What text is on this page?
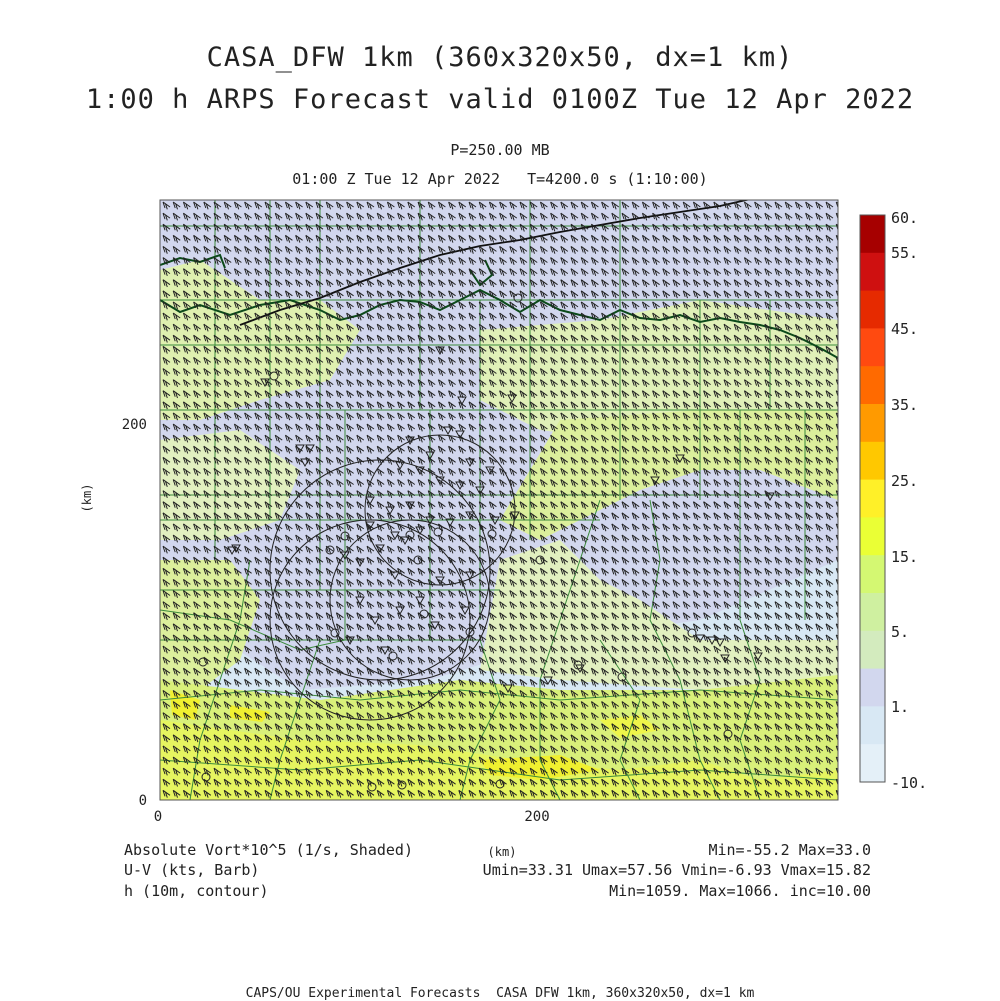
0	200
(km)
0
200
(km)
60.
55.
45.
35.
25.
15.
5.
1.
-10.
CASA_DFW 1km (360x320x50, dx=1 km)
1:00 h ARPS Forecast valid 0100Z Tue 12 Apr 2022
P=250.00 MB
01:00 Z Tue 12 Apr 2022   T=4200.0 s (1:10:00)
Absolute Vort*10^5 (1/s, Shaded)	Min=-55.2 Max=33.0
U-V (kts, Barb)	Umin=33.31 Umax=57.56 Vmin=-6.93 Vmax=15.82
h (10m, contour)	Min=1059. Max=1066. inc=10.00
CAPS/OU Experimental Forecasts  CASA DFW 1km, 360x320x50, dx=1 km
